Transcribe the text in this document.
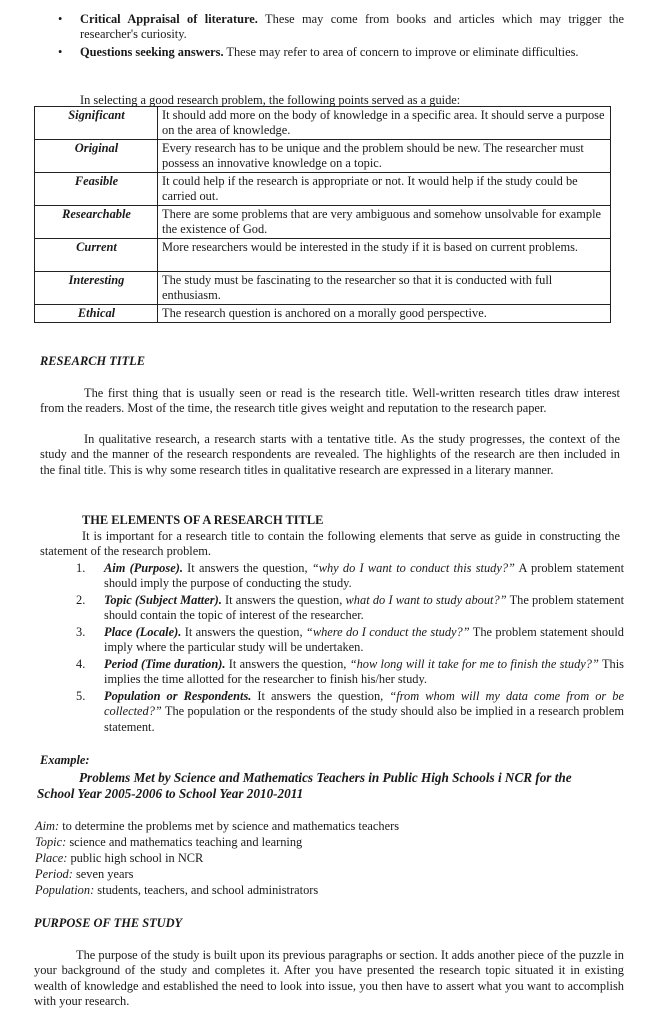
• Critical Appraisal of literature. These may come from books and articles which may trigger the researcher's curiosity.
• Questions seeking answers. These may refer to area of concern to improve or eliminate difficulties.
In selecting a good research problem, the following points served as a guide:
Significant	It should add more on the body of knowledge in a specific area. It should serve a purpose on the area of knowledge.
Original	Every research has to be unique and the problem should be new. The researcher must possess an innovative knowledge on a topic.
Feasible	It could help if the research is appropriate or not. It would help if the study could be carried out.
Researchable	There are some problems that are very ambiguous and somehow unsolvable for example the existence of God.
Current	More researchers would be interested in the study if it is based on current problems.
Interesting	The study must be fascinating to the researcher so that it is conducted with full enthusiasm.
Ethical	The research question is anchored on a morally good perspective.
RESEARCH TITLE
The first thing that is usually seen or read is the research title. Well-written research titles draw interest from the readers. Most of the time, the research title gives weight and reputation to the research paper.
In qualitative research, a research starts with a tentative title. As the study progresses, the context of the study and the manner of the research respondents are revealed. The highlights of the research are then included in the final title. This is why some research titles in qualitative research are expressed in a literary manner.
THE ELEMENTS OF A RESEARCH TITLE
It is important for a research title to contain the following elements that serve as guide in constructing the statement of the research problem.
1. Aim (Purpose). It answers the question, “why do I want to conduct this study?” A problem statement should imply the purpose of conducting the study.
2. Topic (Subject Matter). It answers the question, what do I want to study about?” The problem statement should contain the topic of interest of the researcher.
3. Place (Locale). It answers the question, “where do I conduct the study?” The problem statement should imply where the particular study will be undertaken.
4. Period (Time duration). It answers the question, “how long will it take for me to finish the study?” This implies the time allotted for the researcher to finish his/her study.
5. Population or Respondents. It answers the question, “from whom will my data come from or be collected?” The population or the respondents of the study should also be implied in a research problem statement.
Example:
Problems Met by Science and Mathematics Teachers in Public High Schools i NCR for the
School Year 2005-2006 to School Year 2010-2011
Aim: to determine the problems met by science and mathematics teachers
Topic: science and mathematics teaching and learning
Place: public high school in NCR
Period: seven years
Population: students, teachers, and school administrators
PURPOSE OF THE STUDY
The purpose of the study is built upon its previous paragraphs or section. It adds another piece of the puzzle in your background of the study and completes it. After you have presented the research topic situated it in existing wealth of knowledge and established the need to look into issue, you then have to assert what you want to accomplish with your research.
